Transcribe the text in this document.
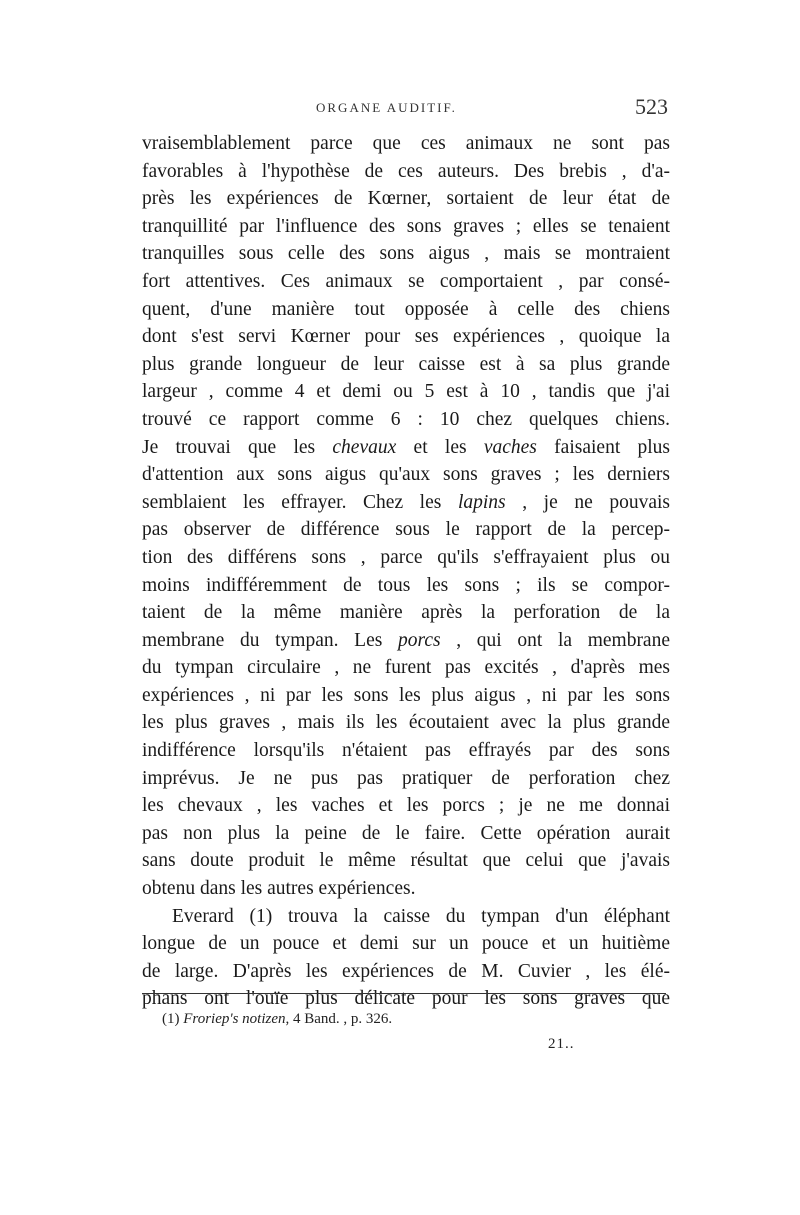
ORGANE AUDITIF.	523
vraisemblablement parce que ces animaux ne sont pas
favorables à l'hypothèse de ces auteurs. Des brebis , d'a-
près les expériences de Kœrner, sortaient de leur état de
tranquillité par l'influence des sons graves ; elles se tenaient
tranquilles sous celle des sons aigus , mais se montraient
fort attentives. Ces animaux se comportaient , par consé-
quent, d'une manière tout opposée à celle des chiens
dont s'est servi Kœrner pour ses expériences , quoique la
plus grande longueur de leur caisse est à sa plus grande
largeur , comme 4 et demi ou 5 est à 10 , tandis que j'ai
trouvé ce rapport comme 6 : 10 chez quelques chiens.
Je trouvai que les chevaux et les vaches faisaient plus
d'attention aux sons aigus qu'aux sons graves ; les derniers
semblaient les effrayer. Chez les lapins , je ne pouvais
pas observer de différence sous le rapport de la percep-
tion des différens sons , parce qu'ils s'effrayaient plus ou
moins indifféremment de tous les sons ; ils se compor-
taient de la même manière après la perforation de la
membrane du tympan. Les porcs , qui ont la membrane
du tympan circulaire , ne furent pas excités , d'après mes
expériences , ni par les sons les plus aigus , ni par les sons
les plus graves , mais ils les écoutaient avec la plus grande
indifférence lorsqu'ils n'étaient pas effrayés par des sons
imprévus. Je ne pus pas pratiquer de perforation chez
les chevaux , les vaches et les porcs ; je ne me donnai
pas non plus la peine de le faire. Cette opération aurait
sans doute produit le même résultat que celui que j'avais
obtenu dans les autres expériences.
Everard (1) trouva la caisse du tympan d'un éléphant
longue de un pouce et demi sur un pouce et un huitième
de large. D'après les expériences de M. Cuvier , les élé-
phans ont l'ouïe plus délicate pour les sons graves que
(1) Froriep's notizen, 4 Band. , p. 326.
21..
